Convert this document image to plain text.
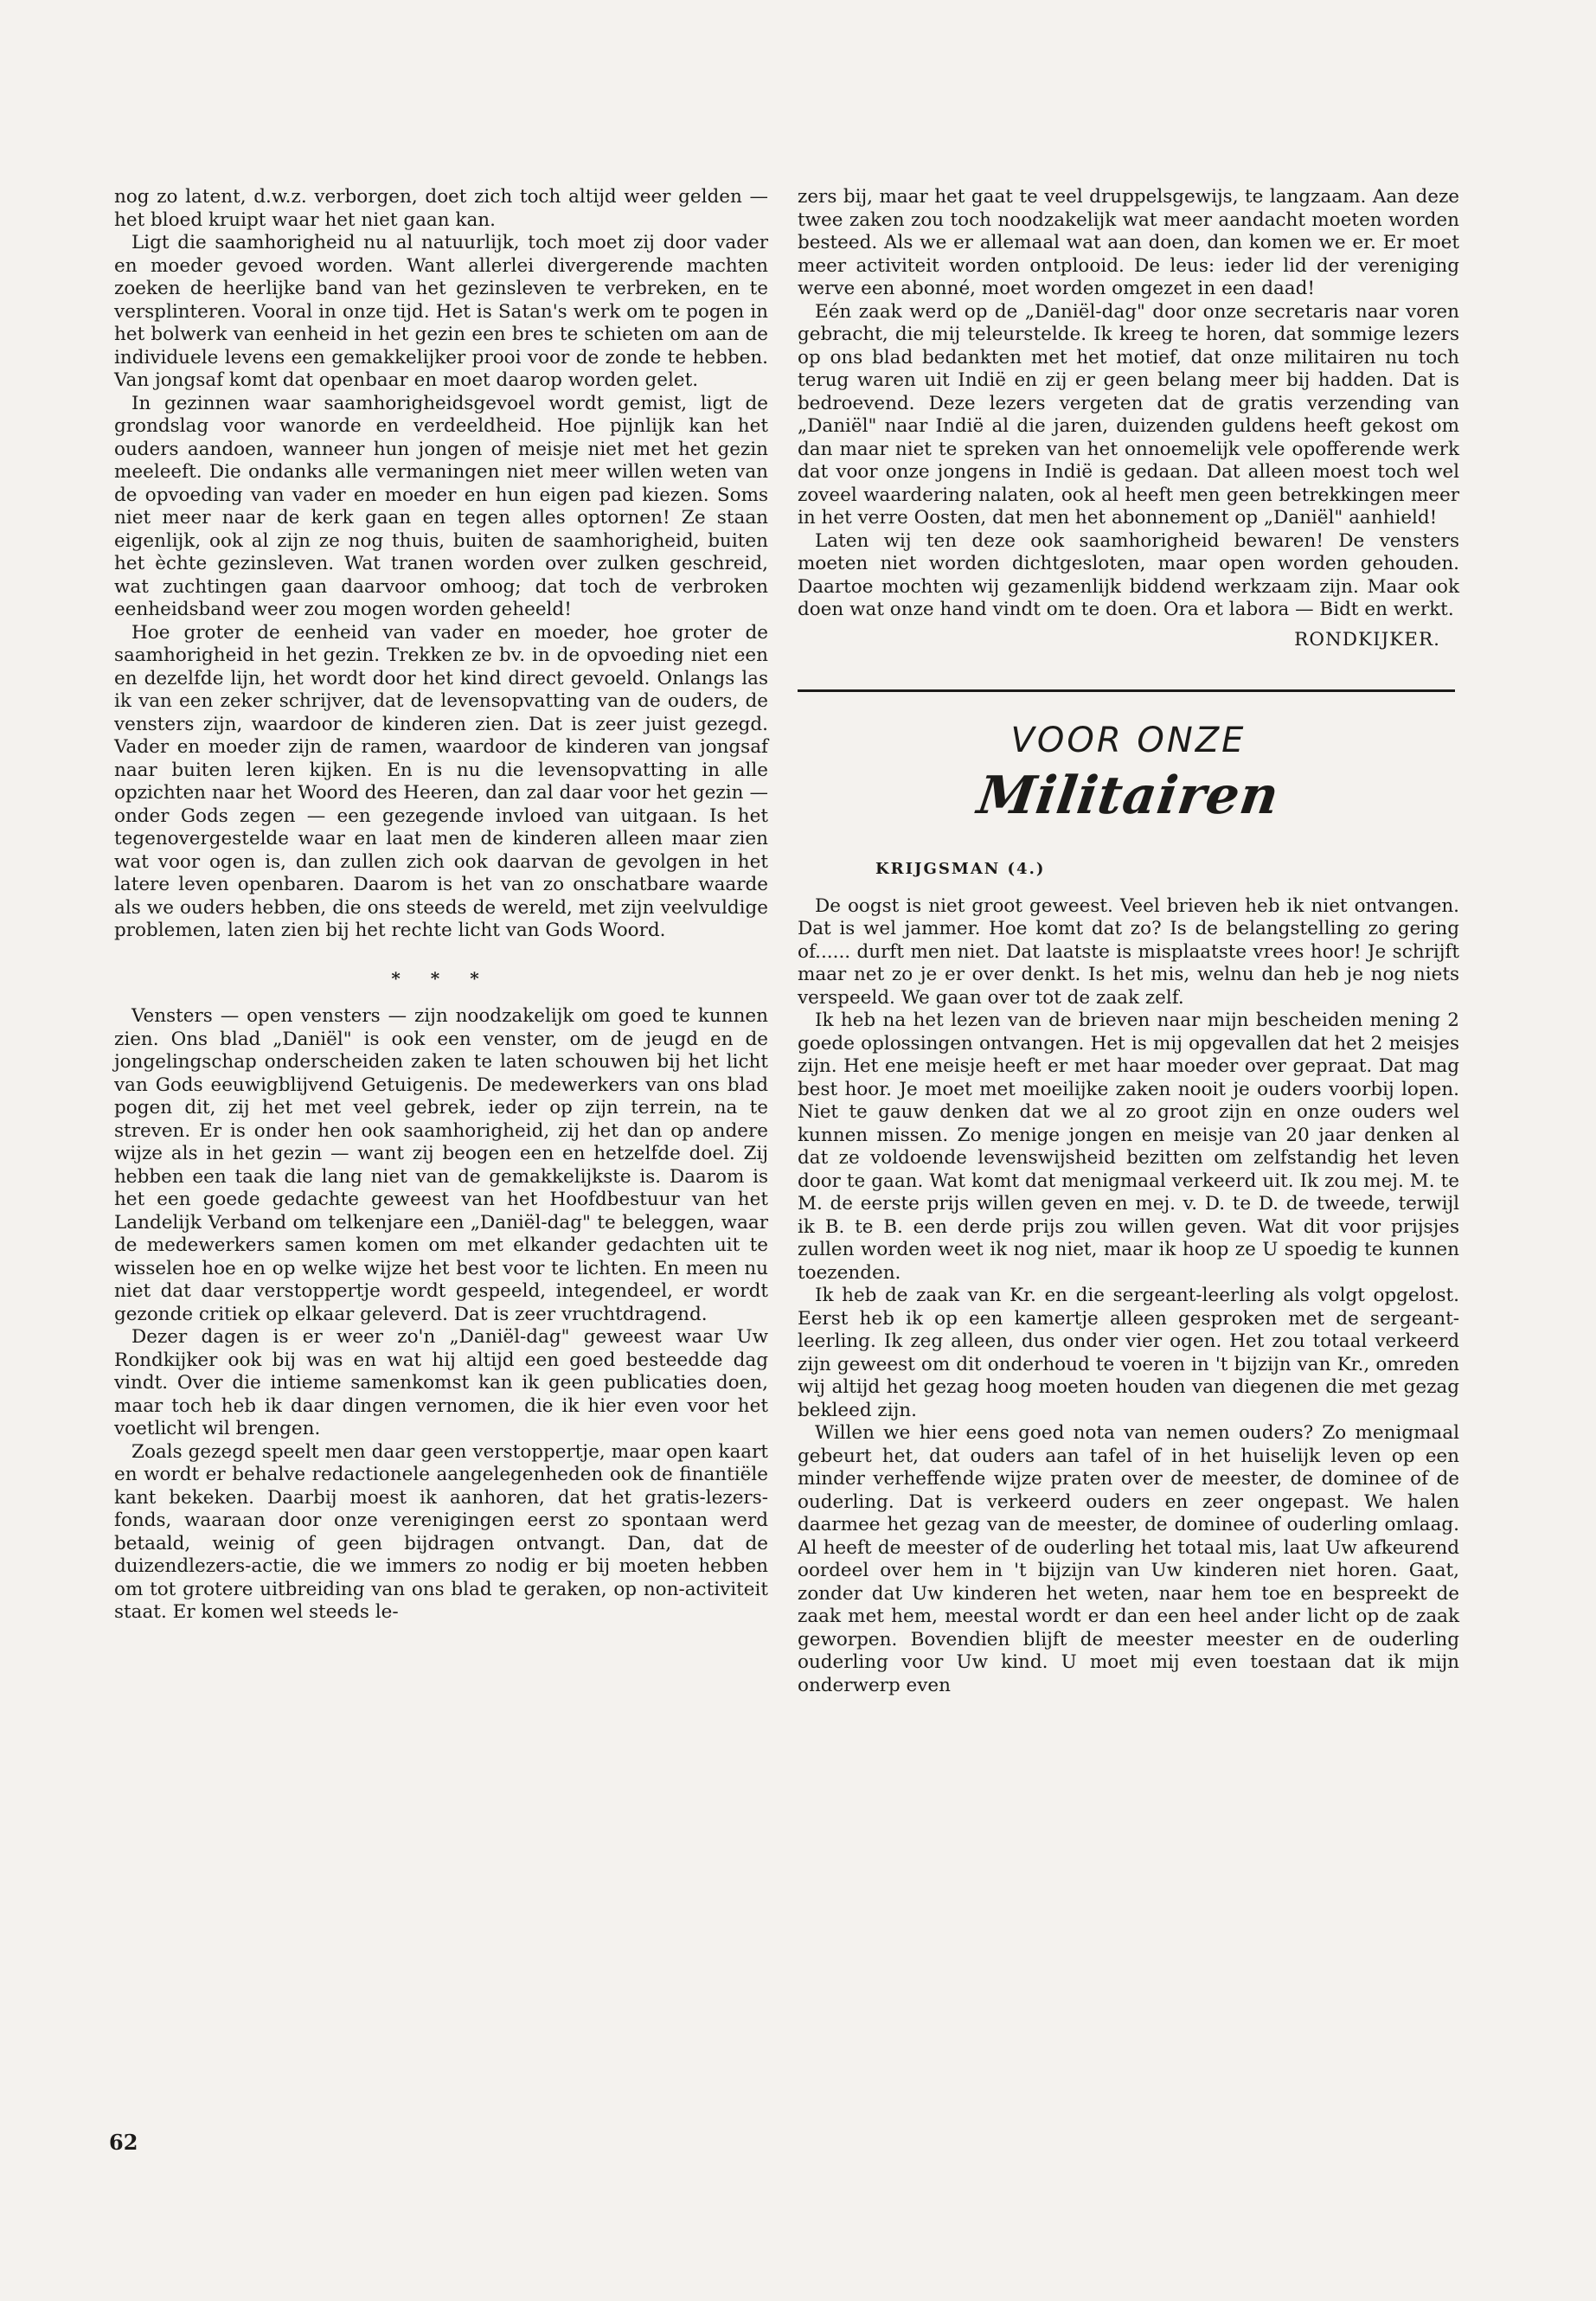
nog zo latent, d.w.z. verborgen, doet zich toch altijd weer gelden — het bloed kruipt waar het niet gaan kan.

Ligt die saamhorigheid nu al natuurlijk, toch moet zij door vader en moeder gevoed worden. Want allerlei divergerende machten zoeken de heerlijke band van het gezinsleven te verbreken, en te versplinteren. Vooral in onze tijd. Het is Satan's werk om te pogen in het bolwerk van eenheid in het gezin een bres te schieten om aan de individuele levens een gemakkelijker prooi voor de zonde te hebben. Van jongsaf komt dat openbaar en moet daarop worden gelet.

In gezinnen waar saamhorigheidsgevoel wordt gemist, ligt de grondslag voor wanorde en verdeeldheid. Hoe pijnlijk kan het ouders aandoen, wanneer hun jongen of meisje niet met het gezin meeleeft. Die ondanks alle vermaningen niet meer willen weten van de opvoeding van vader en moeder en hun eigen pad kiezen. Soms niet meer naar de kerk gaan en tegen alles optornen! Ze staan eigenlijk, ook al zijn ze nog thuis, buiten de saamhorigheid, buiten het èchte gezinsleven. Wat tranen worden over zulken geschreid, wat zuchtingen gaan daarvoor omhoog; dat toch de verbroken eenheidsband weer zou mogen worden geheeld!

Hoe groter de eenheid van vader en moeder, hoe groter de saamhorigheid in het gezin. Trekken ze bv. in de opvoeding niet een en dezelfde lijn, het wordt door het kind direct gevoeld. Onlangs las ik van een zeker schrijver, dat de levensopvatting van de ouders, de vensters zijn, waardoor de kinderen zien. Dat is zeer juist gezegd. Vader en moeder zijn de ramen, waardoor de kinderen van jongsaf naar buiten leren kijken. En is nu die levensopvatting in alle opzichten naar het Woord des Heeren, dan zal daar voor het gezin — onder Gods zegen — een gezegende invloed van uitgaan. Is het tegenovergestelde waar en laat men de kinderen alleen maar zien wat voor ogen is, dan zullen zich ook daarvan de gevolgen in het latere leven openbaren. Daarom is het van zo onschatbare waarde als we ouders hebben, die ons steeds de wereld, met zijn veelvuldige problemen, laten zien bij het rechte licht van Gods Woord.

* * *

Vensters — open vensters — zijn noodzakelijk om goed te kunnen zien. Ons blad „Daniël" is ook een venster, om de jeugd en de jongelingschap onderscheiden zaken te laten schouwen bij het licht van Gods eeuwigblijvend Getuigenis. De medewerkers van ons blad pogen dit, zij het met veel gebrek, ieder op zijn terrein, na te streven. Er is onder hen ook saamhorigheid, zij het dan op andere wijze als in het gezin — want zij beogen een en hetzelfde doel. Zij hebben een taak die lang niet van de gemakkelijkste is. Daarom is het een goede gedachte geweest van het Hoofdbestuur van het Landelijk Verband om telkenjare een „Daniël-dag" te beleggen, waar de medewerkers samen komen om met elkander gedachten uit te wisselen hoe en op welke wijze het best voor te lichten. En meen nu niet dat daar verstoppertje wordt gespeeld, integendeel, er wordt gezonde critiek op elkaar geleverd. Dat is zeer vruchtdragend.

Dezer dagen is er weer zo'n „Daniël-dag" geweest waar Uw Rondkijker ook bij was en wat hij altijd een goed besteedde dag vindt. Over die intieme samenkomst kan ik geen publicaties doen, maar toch heb ik daar dingen vernomen, die ik hier even voor het voetlicht wil brengen.

Zoals gezegd speelt men daar geen verstoppertje, maar open kaart en wordt er behalve redactionele aangelegenheden ook de finantiële kant bekeken. Daarbij moest ik aanhoren, dat het gratis-lezers-fonds, waaraan door onze verenigingen eerst zo spontaan werd betaald, weinig of geen bijdragen ontvangt. Dan, dat de duizendlezers-actie, die we immers zo nodig er bij moeten hebben om tot grotere uitbreiding van ons blad te geraken, op non-activiteit staat. Er komen wel steeds le-

zers bij, maar het gaat te veel druppelsgewijs, te langzaam. Aan deze twee zaken zou toch noodzakelijk wat meer aandacht moeten worden besteed. Als we er allemaal wat aan doen, dan komen we er. Er moet meer activiteit worden ontplooid. De leus: ieder lid der vereniging werve een abonné, moet worden omgezet in een daad!

Eén zaak werd op de „Daniël-dag" door onze secretaris naar voren gebracht, die mij teleurstelde. Ik kreeg te horen, dat sommige lezers op ons blad bedankten met het motief, dat onze militairen nu toch terug waren uit Indië en zij er geen belang meer bij hadden. Dat is bedroevend. Deze lezers vergeten dat de gratis verzending van „Daniël" naar Indië al die jaren, duizenden guldens heeft gekost om dan maar niet te spreken van het onnoemelijk vele opofferende werk dat voor onze jongens in Indië is gedaan. Dat alleen moest toch wel zoveel waardering nalaten, ook al heeft men geen betrekkingen meer in het verre Oosten, dat men het abonnement op „Daniël" aanhield!

Laten wij ten deze ook saamhorigheid bewaren! De vensters moeten niet worden dichtgesloten, maar open worden gehouden. Daartoe mochten wij gezamenlijk biddend werkzaam zijn. Maar ook doen wat onze hand vindt om te doen. Ora et labora — Bidt en werkt.

RONDKIJKER.
VOOR ONZE
Militairen
KRIJGSMAN (4.)

De oogst is niet groot geweest. Veel brieven heb ik niet ontvangen. Dat is wel jammer. Hoe komt dat zo? Is de belangstelling zo gering of...... durft men niet. Dat laatste is misplaatste vrees hoor! Je schrijft maar net zo je er over denkt. Is het mis, welnu dan heb je nog niets verspeeld. We gaan over tot de zaak zelf.

Ik heb na het lezen van de brieven naar mijn bescheiden mening 2 goede oplossingen ontvangen. Het is mij opgevallen dat het 2 meisjes zijn. Het ene meisje heeft er met haar moeder over gepraat. Dat mag best hoor. Je moet met moeilijke zaken nooit je ouders voorbij lopen. Niet te gauw denken dat we al zo groot zijn en onze ouders wel kunnen missen. Zo menige jongen en meisje van 20 jaar denken al dat ze voldoende levenswijsheid bezitten om zelfstandig het leven door te gaan. Wat komt dat menigmaal verkeerd uit. Ik zou mej. M. te M. de eerste prijs willen geven en mej. v. D. te D. de tweede, terwijl ik B. te B. een derde prijs zou willen geven. Wat dit voor prijsjes zullen worden weet ik nog niet, maar ik hoop ze U spoedig te kunnen toezenden.

Ik heb de zaak van Kr. en die sergeant-leerling als volgt opgelost. Eerst heb ik op een kamertje alleen gesproken met de sergeant-leerling. Ik zeg alleen, dus onder vier ogen. Het zou totaal verkeerd zijn geweest om dit onderhoud te voeren in 't bijzijn van Kr., omreden wij altijd het gezag hoog moeten houden van diegenen die met gezag bekleed zijn.

Willen we hier eens goed nota van nemen ouders? Zo menigmaal gebeurt het, dat ouders aan tafel of in het huiselijk leven op een minder verheffende wijze praten over de meester, de dominee of de ouderling. Dat is verkeerd ouders en zeer ongepast. We halen daarmee het gezag van de meester, de dominee of ouderling omlaag. Al heeft de meester of de ouderling het totaal mis, laat Uw afkeurend oordeel over hem in 't bijzijn van Uw kinderen niet horen. Gaat, zonder dat Uw kinderen het weten, naar hem toe en bespreekt de zaak met hem, meestal wordt er dan een heel ander licht op de zaak geworpen. Bovendien blijft de meester meester en de ouderling ouderling voor Uw kind. U moet mij even toestaan dat ik mijn onderwerp even

62
